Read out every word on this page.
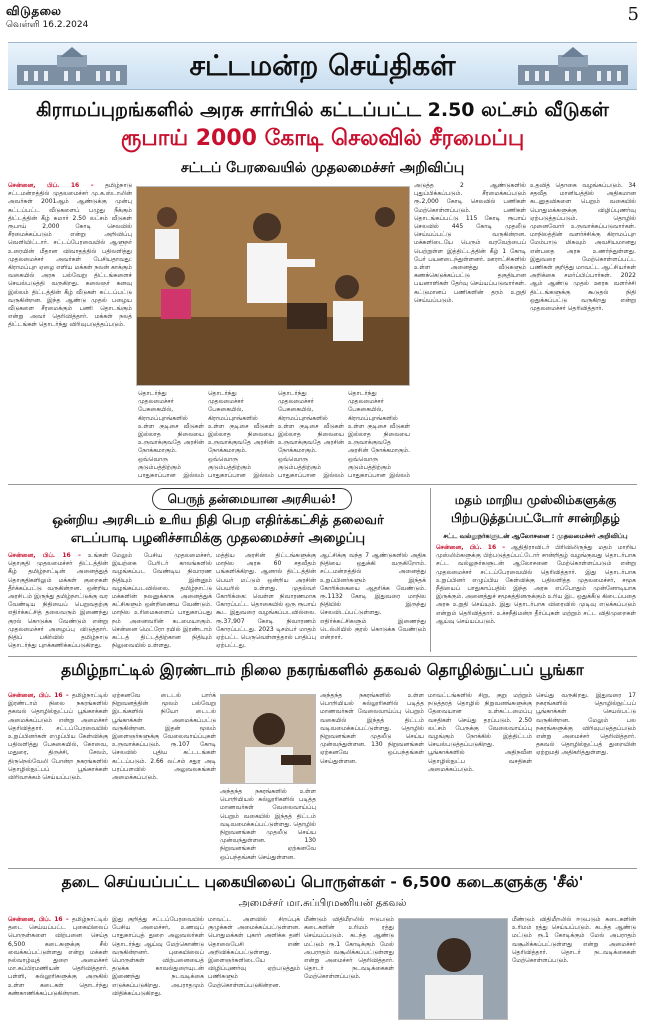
விடுதலை
வெள்ளி 16.2.2024	5
சட்டமன்ற செய்திகள்
கிராமப்புறங்களில் அரசு சார்பில் கட்டப்பட்ட 2.50 லட்சம் வீடுகள்
ரூபாய் 2000 கோடி செலவில் சீரமைப்பு
சட்டப் பேரவையில் முதலமைச்சர் அறிவிப்பு
சென்னை, பிப். 16 – தமிழ்நாடு சட்டமன்றத்தில் முதலமைச்சர் மு.க.ஸ்டாலின் அவர்கள் 2001ஆம் ஆண்டுக்கு முன்பு கட்டப்பட்ட வீடுகளைப் பழுது நீக்கும் திட்டத்தின் கீழ் சுமார் 2.50 லட்சம் வீடுகள் ரூபாய் 2,000 கோடி செலவில் சீரமைக்கப்படும் என்று அறிவிப்பு வெளியிட்டார். சட்டப்பேரவையில் ஆளுநர் உரையின் மீதான விவாதத்தில் பதிலளித்து முதலமைச்சர் அவர்கள் பேசியதாவது: கிராமப்புற ஏழை எளிய மக்கள் நலன் காக்கும் வகையில் அரசு பல்வேறு திட்டங்களைச் செயல்படுத்தி வருகிறது. கலைஞர் கனவு இல்லம் திட்டத்தின் கீழ் வீடுகள் கட்டப்பட்டு வருகின்றன. இந்த ஆண்டு முதல் பழைய வீடுகளை சீரமைக்கும் பணி தொடங்கும் என்று அவர் தெரிவித்தார். மக்கள் நலத் திட்டங்கள் தொடர்ந்து விரிவுபடுத்தப்படும்.
தொடர்ந்து முதலமைச்சர் பேசுகையில், கிராமப்புறங்களில் உள்ள குடிசை வீடுகள் இல்லாத நிலையை உருவாக்குவதே அரசின் நோக்கமாகும். ஒவ்வொரு குடும்பத்திற்கும் பாதுகாப்பான இல்லம்
தொடர்ந்து முதலமைச்சர் பேசுகையில், கிராமப்புறங்களில் உள்ள குடிசை வீடுகள் இல்லாத நிலையை உருவாக்குவதே அரசின் நோக்கமாகும். ஒவ்வொரு குடும்பத்திற்கும் பாதுகாப்பான இல்லம்
தொடர்ந்து முதலமைச்சர் பேசுகையில், கிராமப்புறங்களில் உள்ள குடிசை வீடுகள் இல்லாத நிலையை உருவாக்குவதே அரசின் நோக்கமாகும். ஒவ்வொரு குடும்பத்திற்கும் பாதுகாப்பான இல்லம்
தொடர்ந்து முதலமைச்சர் பேசுகையில், கிராமப்புறங்களில் உள்ள குடிசை வீடுகள் இல்லாத நிலையை உருவாக்குவதே அரசின் நோக்கமாகும். ஒவ்வொரு குடும்பத்திற்கும் பாதுகாப்பான இல்லம்
அடுத்த 2 ஆண்டுகளில் புதுப்பிக்கப்படும். சீரமைக்கப்படும் ரூ.2,000 கோடி செலவில் பணிகள் மேற்கொள்ளப்படும். பணிகள் தொடங்கப்பட்டு 115 கோடி ரூபாய் செலவில் 445 கோடி முதலீடு செய்யப்பட்டு வருகின்றன. மக்களிடையே பெரும் வரவேற்பைப் பெற்றுள்ள இத்திட்டத்தின் கீழ் 1 கோடி பேர் பயனடைந்துள்ளனர். ஊராட்சிகளில் உள்ள அனைத்து வீடுகளும் கணக்கெடுக்கப்பட்டு தகுதியான பயனாளிகள் தேர்வு செய்யப்படுவார்கள். கட்டுமானப் பணிகளின் தரம் உறுதி செய்யப்படும்.
உதவித் தொகை வழங்கப்படும். 34 சதவீத மானியத்தில் அதிகமான கடனுதவிகளை பெறும் வகையில் பொதுமக்களுக்கு விழிப்புணர்வு ஏற்படுத்தப்படும். தொழில் முனைவோர் உருவாக்கப்படுவார்கள். மாநிலத்தின் வளர்ச்சிக்கு கிராமப்புற மேம்பாடு மிகவும் அவசியமானது என்பதை அரசு உணர்ந்துள்ளது. இதுவரை மேற்கொள்ளப்பட்ட பணிகள் குறித்து மாவட்ட ஆட்சியர்கள் அறிக்கை சமர்ப்பிப்பார்கள். 2022 ஆம் ஆண்டு முதல் ஊரக வளர்ச்சி திட்டங்களுக்கு கூடுதல் நிதி ஒதுக்கப்பட்டு வருகிறது என்று முதலமைச்சர் தெரிவித்தார்.
பெருந் தன்மையான அரசியல்!
ஒன்றிய அரசிடம் உரிய நிதி பெற எதிர்க்கட்சித் தலைவர்
எடப்பாடி பழனிச்சாமிக்கு முதலமைச்சர் அழைப்பு
சென்னை, பிப். 16 – உங்கள் தொகுதி முதலமைச்சர் திட்டத்தின் கீழ் தமிழ்நாட்டின் அனைத்துத் தொகுதிகளிலும் மக்கள் குறைகள் தீர்க்கப்பட்டு வருகின்றன. ஒன்றிய அரசிடம் இருந்து தமிழ்நாட்டுக்கு வர வேண்டிய நிதியைப் பெறுவதற்கு எதிர்க்கட்சித் தலைவரும் இணைந்து குரல் கொடுக்க வேண்டும் என்று முதலமைச்சர் அழைப்பு விடுத்தார். நிதிப் பகிர்வில் தமிழ்நாடு தொடர்ந்து புறக்கணிக்கப்படுகிறது.
மேலும் பேசிய முதலமைச்சர், இயற்கை பேரிடர் காலங்களில் வழங்கப்பட வேண்டிய நிவாரண நிதியும் இன்னும் வழங்கப்படவில்லை. தமிழ்நாட்டு மக்களின் நலனுக்காக அனைத்துக் கட்சிகளும் ஒன்றிணைய வேண்டும். மாநில உரிமைகளைப் பாதுகாப்பது நம் அனைவரின் கடமையாகும். சென்னை மெட்ரோ ரயில் இரண்டாம் கட்டத் திட்டத்திற்கான நிதியும் நிலுவையில் உள்ளது.
மத்திய அரசின் திட்டங்களுக்கு மாநில அரசு 60 சதவீதம் பங்களிக்கிறது. ஆனால் திட்டத்தின் பெயர் மட்டும் ஒன்றிய அரசின் பெயரில் உள்ளது. முதல்வர் கோரிக்கை: வெள்ள நிவாரணமாக கோரப்பட்ட தொகையில் ஒரு ரூபாய் கூட இதுவரை வழங்கப்படவில்லை. ரூ.37,907 கோடி நிவாரணம் கோரப்பட்டது. 2023 டிசம்பர் மாதம் ஏற்பட்ட பெருவெள்ளத்தால் பாதிப்பு ஏற்பட்டது.
ஆட்சிக்கு வந்த 7 ஆண்டுகளில் அதிக நிதியை ஒதுக்கி வருகிறோம். சட்டமன்றத்தில் அனைத்து உறுப்பினர்களும் இந்தக் கோரிக்கையை ஆதரிக்க வேண்டும். ரூ.1132 கோடி இதுவரை மாநில நிதியில் இருந்து செலவிடப்பட்டுள்ளது. எதிர்க்கட்சிகளும் இணைந்து டெல்லியில் குரல் கொடுக்க வேண்டும் என்றார்.
மதம் மாறிய முஸ்லிம்களுக்கு
பிற்படுத்தப்பட்டோர் சான்றிதழ்
சட்ட வல்லுநர்களுடன் ஆலோசனை : முதலமைச்சர் அறிவிப்பு
சென்னை, பிப். 16 – ஆதிதிராவிடர் பிரிவிலிருந்து மதம் மாறிய முஸ்லிம்களுக்கு பிற்படுத்தப்பட்டோர் சான்றிதழ் வழங்குவது தொடர்பாக சட்ட வல்லுநர்களுடன் ஆலோசனை மேற்கொள்ளப்படும் என்று முதலமைச்சர் சட்டப்பேரவையில் தெரிவித்தார். இது தொடர்பாக உறுப்பினர் எழுப்பிய கேள்விக்கு பதிலளித்த முதலமைச்சர், சமூக நீதியைப் பாதுகாப்பதில் இந்த அரசு எப்போதும் முன்னோடியாக இருக்கும். அனைத்துச் சமூகத்தினருக்கும் உரிய இட ஒதுக்கீடு கிடைப்பதை அரசு உறுதி செய்யும். இது தொடர்பாக விரைவில் முடிவு எடுக்கப்படும் என்றும் தெரிவித்தார். உச்சநீதிமன்ற தீர்ப்புகள் மற்றும் சட்ட விதிமுறைகள் ஆய்வு செய்யப்படும்.
தமிழ்நாட்டில் இரண்டாம் நிலை நகரங்களில் தகவல் தொழில்நுட்பப் பூங்கா
சென்னை, பிப். 16 – தமிழ்நாட்டில் இரண்டாம் நிலை நகரங்களில் தகவல் தொழில்நுட்பப் பூங்காக்கள் அமைக்கப்படும் என்று அமைச்சர் தெரிவித்தார். சட்டப்பேரவையில் உறுப்பினர்கள் எழுப்பிய கேள்விக்கு பதிலளித்து பேசுகையில், கோவை, மதுரை, திருச்சி, சேலம், திருநெல்வேலி போன்ற நகரங்களில் தொழில்நுட்பப் பூங்காக்கள் விரிவாக்கம் செய்யப்படும்.
ஏற்கனவே டைடல் பார்க் நிறுவனத்தின் மூலம் பல்வேறு இடங்களில் நியோ டைடல் பூங்காக்கள் அமைக்கப்பட்டு வருகின்றன. இதன் மூலம் இளைஞர்களுக்கு வேலைவாய்ப்புகள் உருவாக்கப்படும். ரூ.107 கோடி செலவில் புதிய கட்டடங்கள் கட்டப்படும். 2.66 லட்சம் சதுர அடி பரப்பளவில் அலுவலகங்கள் அமைக்கப்படும்.
அந்தந்த நகரங்களில் உள்ள பொறியியல் கல்லூரிகளில் படித்த மாணவர்கள் வேலைவாய்ப்பு பெறும் வகையில் இந்தத் திட்டம் வடிவமைக்கப்பட்டுள்ளது. தொழில் நிறுவனங்கள் முதலீடு செய்ய முன்வந்துள்ளன. 130 நிறுவனங்கள் ஏற்கனவே ஒப்பந்தங்கள் செய்துள்ளன.
அந்தந்த நகரங்களில் உள்ள பொறியியல் கல்லூரிகளில் படித்த மாணவர்கள் வேலைவாய்ப்பு பெறும் வகையில் இந்தத் திட்டம் வடிவமைக்கப்பட்டுள்ளது. தொழில் நிறுவனங்கள் முதலீடு செய்ய முன்வந்துள்ளன. 130 நிறுவனங்கள் ஏற்கனவே ஒப்பந்தங்கள் செய்துள்ளன.
மாவட்டங்களில் சிறு, குறு மற்றும் நடுத்தரத் தொழில் நிறுவனங்களுக்கு தேவையான உள்கட்டமைப்பு வசதிகள் செய்து தரப்படும். 2.50 லட்சம் பேருக்கு வேலைவாய்ப்பு வழங்கும் நோக்கில் இத்திட்டம் செயல்படுத்தப்படுகிறது. பூங்காக்களில் அதிநவீன தொழில்நுட்ப வசதிகள் அமைக்கப்படும்.
செய்து வருகிறது. இதுவரை 17 நகரங்களில் தொழில்நுட்பப் பூங்காக்கள் செயல்பட்டு வருகின்றன. மேலும் பல நகரங்களுக்கு விரிவுபடுத்தப்படும் என்று அமைச்சர் தெரிவித்தார். தகவல் தொழில்நுட்பத் துறையின் ஏற்றுமதி அதிகரித்துள்ளது.
தடை செய்யப்பட்ட புகையிலைப் பொருள்கள் - 6,500 கடைகளுக்கு 'சீல்'
அமைச்சர் மா.சுப்பிரமணியன் தகவல்
சென்னை, பிப். 16 – தமிழ்நாட்டில் தடை செய்யப்பட்ட புகையிலைப் பொருள்களை விற்பனை செய்த 6,500 கடைகளுக்கு சீல் வைக்கப்பட்டுள்ளது என்று மக்கள் நல்வாழ்வுத் துறை அமைச்சர் மா.சுப்பிரமணியன் தெரிவித்தார். பள்ளி, கல்லூரிகளுக்கு அருகில் உள்ள கடைகள் தொடர்ந்து கண்காணிக்கப்படுகின்றன.
இது குறித்து சட்டப்பேரவையில் பேசிய அமைச்சர், உணவுப் பாதுகாப்புத் துறை அலுவலர்கள் தொடர்ந்து ஆய்வு மேற்கொண்டு வருகின்றனர். புகையிலைப் பொருள்கள் விற்பனையைத் தடுக்க காவல்துறையுடன் இணைந்து நடவடிக்கை எடுக்கப்படுகிறது. அபராதமும் விதிக்கப்படுகிறது.
மாவட்ட அளவில் சிறப்புக் குழுக்கள் அமைக்கப்பட்டுள்ளன. பொதுமக்கள் புகார் அளிக்க தனி தொலைபேசி எண் அறிவிக்கப்பட்டுள்ளது. இளைஞர்களிடையே விழிப்புணர்வு ஏற்படுத்தும் பணிகளும் மேற்கொள்ளப்படுகின்றன.
மீண்டும் விதிமீறலில் ஈடுபடும் கடைகளின் உரிமம் ரத்து செய்யப்படும். கடந்த ஆண்டு மட்டும் ரூ.1 கோடிக்கும் மேல் அபராதம் வசூலிக்கப்பட்டுள்ளது என்று அமைச்சர் தெரிவித்தார். தொடர் நடவடிக்கைகள் மேற்கொள்ளப்படும்.
மீண்டும் விதிமீறலில் ஈடுபடும் கடைகளின் உரிமம் ரத்து செய்யப்படும். கடந்த ஆண்டு மட்டும் ரூ.1 கோடிக்கும் மேல் அபராதம் வசூலிக்கப்பட்டுள்ளது என்று அமைச்சர் தெரிவித்தார். தொடர் நடவடிக்கைகள் மேற்கொள்ளப்படும்.
